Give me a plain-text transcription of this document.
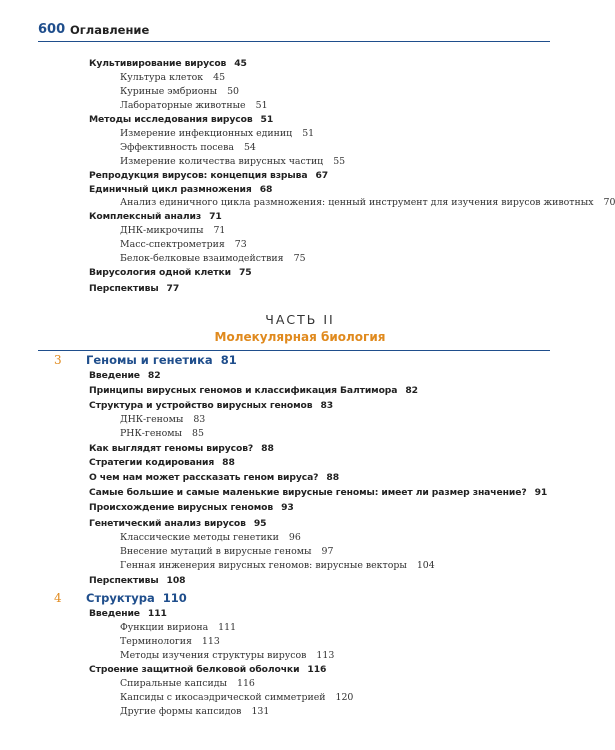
600 Оглавление
Культивирование вирусов 45
Культура клеток 45
Куриные эмбрионы 50
Лабораторные животные 51
Методы исследования вирусов 51
Измерение инфекционных единиц 51
Эффективность посева 54
Измерение количества вирусных частиц 55
Репродукция вирусов: концепция взрыва 67
Единичный цикл размножения 68
Анализ единичного цикла размножения: ценный инструмент для изучения вирусов животных 70
Комплексный анализ 71
ДНК-микрочипы 71
Масс-спектрометрия 73
Белок-белковые взаимодействия 75
Вирусология одной клетки 75
Перспективы 77
ЧАСТЬ II
Молекулярная биология
3 Геномы и генетика 81
Введение 82
Принципы вирусных геномов и классификация Балтимора 82
Структура и устройство вирусных геномов 83
ДНК-геномы 83
РНК-геномы 85
Как выглядят геномы вирусов? 88
Стратегии кодирования 88
О чем нам может рассказать геном вируса? 88
Самые большие и самые маленькие вирусные геномы: имеет ли размер значение? 91
Происхождение вирусных геномов 93
Генетический анализ вирусов 95
Классические методы генетики 96
Внесение мутаций в вирусные геномы 97
Генная инженерия вирусных геномов: вирусные векторы 104
Перспективы 108
4 Структура 110
Введение 111
Функции вириона 111
Терминология 113
Методы изучения структуры вирусов 113
Строение защитной белковой оболочки 116
Спиральные капсиды 116
Капсиды с икосаэдрической симметрией 120
Другие формы капсидов 131
